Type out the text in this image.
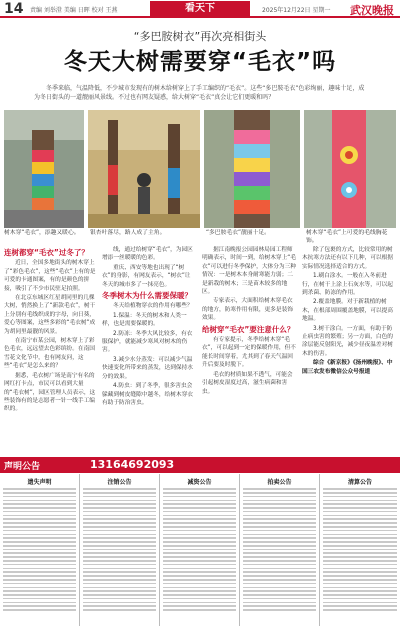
14 责编 刘举澄 美编 日晖 校对 王燕	看天下	2025年12月22日 星期一 武汉晚报
“多巴胺树衣”再次亮相街头
冬天大树需要穿“毛衣”吗
冬季来临，气温降低，不少城市发现有的树木给树穿上了手工编织的“毛衣”。这些“多巴胺毛衣”色彩绚丽，趣味十足，成为冬日街头的一道靓丽风景线。不过也有网友疑惑，给大树穿“毛衣”真会让它们更暖和吗？
树木穿“毛衣”，添趣又暖心。	银杏叶落尽，路人成了主角。	“多巴胺毛衣”靓丽十足。	树木穿“毛衣”上可爱的毛线胸花饰。
连树都穿“毛衣”过冬了？

近日，全国多地街头的树木穿上了“彩色毛衣”，这些“毛衣”上有的是可爱的卡通图案，有的是颜色的拼接，吸引了不少市民驻足拍照。

在北京东城区红星胡同里的几棵大树，悄然换上了“新款毛衣”，树干上分别有毛线织成的字母，向日葵，爱心等图案，这些多彩的“毛衣树”成为胡同里最靓的风景。

在南宁市某公园，树木穿上了彩色毛衣，远远望去色彩缤纷。在南国雪花文化节中，也有网友问，这些“毛衣”是怎么来的？

据悉，毛衣树广场是南宁有名的网红打卡点，市民可以看到大量的“毛衣树”，园区管理人员表示，这些装饰有的是志愿者一针一线手工编织的。

线，通过给树穿“毛衣”，为园区增添一丝暖暖的色彩。

重庆、西安等地也出现了“树衣”的身影，有网友表示，“树衣”让冬天的城市多了一抹亮色。

冬季树木为什么需要保暖？

冬天给植物穿衣的作用有哪些？

1.保温：冬天的树木和人类一样，也是需要保暖的。

2.防冻：冬季大风比较多，有衣服保护，就能减少寒风对树木的伤害。

3.减少水分蒸发：可以减少气温快速变化所带来的蒸发，达到保持水分的效果。

4.防虫：到了冬季，很多害虫会躲藏到树皮缝隙中越冬，给树木穿衣有助于防治害虫。

据江南晚报公园园林局园工程师明确表示，时间一到，给树木穿上“毛衣”可以进行冬季保护，大体分为三种情况：一是树木本身耐寒能力弱；二是新栽的树木；三是苗木较多的地区。

专家表示，大面积给树木穿毛衣的地方，防寒作用有限，更多是装饰效果。

给树穿“毛衣”要注意什么？

有专家提示，冬季给树木穿“毛衣”，可以起到一定的保暖作用，但不能长时间穿着，尤其到了春天气温回升后要及时脱下。

毛衣的材质如果不透气，可能会引起树皮湿度过高，滋生病菌和害虫。

除了包裹的方式，比较常用的树木抗寒方法还有以下几种，可以根据实际情况选择适合的方式。

1.刷白涂水。一般在入冬前进行，在树干上涂上石灰水等，可以起到杀菌、防冻的作用。

2.覆盖地膜。对于新栽植的树木，在根部周围覆盖地膜，可以提高地温。

3.树干涂白。一方面，有助于防止病虫害的繁殖；另一方面，白色的涂层能反射阳光，减少昼夜温差对树木的伤害。

综合《新京报》《扬州晚报》、中国三农发布微信公众号报道

声明公告	13164692093
遗失声明	注销公告	减资公告	拍卖公告	清算公告
